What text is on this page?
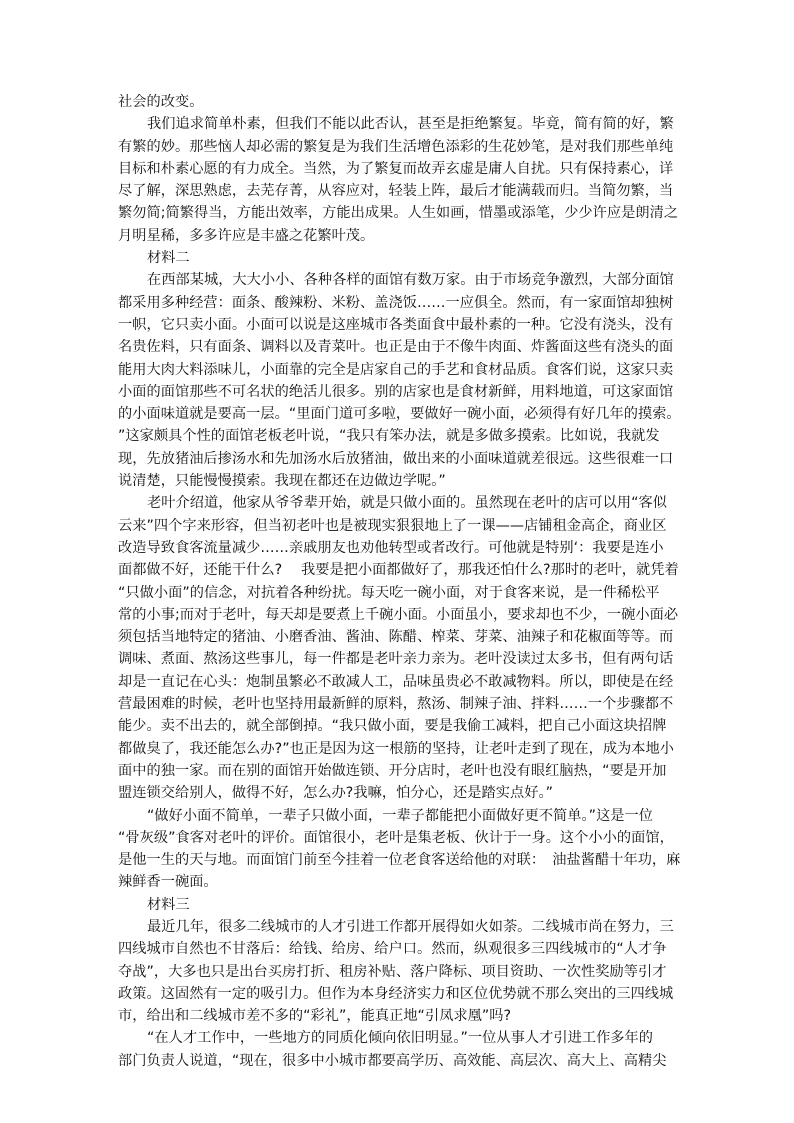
社会的改变。

我们追求简单朴素，但我们不能以此否认，甚至是拒绝繁复。毕竟，简有简的好，繁

有繁的妙。那些恼人却必需的繁复是为我们生活增色添彩的生花妙笔，是对我们那些单纯

目标和朴素心愿的有力成全。当然，为了繁复而故弄玄虚是庸人自扰。只有保持素心，详

尽了解，深思熟虑，去芜存菁，从容应对，轻装上阵，最后才能满载而归。当简勿繁，当

繁勿简;简繁得当，方能出效率，方能出成果。人生如画，惜墨或添笔，少少许应是朗清之

月明星稀，多多许应是丰盛之花繁叶茂。

材料二

在西部某城，大大小小、各种各样的面馆有数万家。由于市场竞争激烈，大部分面馆

都采用多种经营：面条、酸辣粉、米粉、盖浇饭……一应俱全。然而，有一家面馆却独树

一帜，它只卖小面。小面可以说是这座城市各类面食中最朴素的一种。它没有浇头，没有

名贵佐料，只有面条、调料以及青菜叶。也正是由于不像牛肉面、炸酱面这些有浇头的面

能用大肉大料添味儿，小面靠的完全是店家自己的手艺和食材品质。食客们说，这家只卖

小面的面馆那些不可名状的绝活儿很多。别的店家也是食材新鲜，用料地道，可这家面馆

的小面味道就是要高一层。“里面门道可多啦，要做好一碗小面，必须得有好几年的摸索。

”这家颇具个性的面馆老板老叶说，“我只有笨办法，就是多做多摸索。比如说，我就发

现，先放猪油后掺汤水和先加汤水后放猪油，做出来的小面味道就差很远。这些很难一口

说清楚，只能慢慢摸索。我现在都还在边做边学呢。”

老叶介绍道，他家从爷爷辈开始，就是只做小面的。虽然现在老叶的店可以用“客似

云来”四个字来形容，但当初老叶也是被现实狠狠地上了一课——店铺租金高企，商业区

改造导致食客流量减少……亲戚朋友也劝他转型或者改行。可他就是特别‘：我要是连小

面都做不好，还能干什么?　 我要是把小面都做好了，那我还怕什么?那时的老叶，就凭着

“只做小面”的信念，对抗着各种纷扰。每天吃一碗小面，对于食客来说，是一件稀松平

常的小事;而对于老叶，每天却是要煮上千碗小面。小面虽小，要求却也不少，一碗小面必

须包括当地特定的猪油、小磨香油、酱油、陈醋、榨菜、芽菜、油辣子和花椒面等等。而

调味、煮面、熬汤这些事儿，每一件都是老叶亲力亲为。老叶没读过太多书，但有两句话

却是一直记在心头：炮制虽繁必不敢减人工，品味虽贵必不敢减物料。所以，即使是在经

营最困难的时候，老叶也坚持用最新鲜的原料，熬汤、制辣子油、拌料……一个步骤都不

能少。卖不出去的，就全部倒掉。“我只做小面，要是我偷工减料，把自己小面这块招牌

都做臭了，我还能怎么办?”也正是因为这一根筋的坚持，让老叶走到了现在，成为本地小

面中的独一家。而在别的面馆开始做连锁、开分店时，老叶也没有眼红脑热，“要是开加

盟连锁交给别人，做得不好，怎么办?我嘛，怕分心，还是踏实点好。”

“做好小面不简单，一辈子只做小面，一辈子都能把小面做好更不简单。”这是一位

“骨灰级”食客对老叶的评价。面馆很小，老叶是集老板、伙计于一身。这个小小的面馆，

是他一生的天与地。而面馆门前至今挂着一位老食客送给他的对联：　油盐酱醋十年功，麻

辣鲜香一碗面。

材料三

最近几年，很多二线城市的人才引进工作都开展得如火如荼。二线城市尚在努力，三

四线城市自然也不甘落后：给钱、给房、给户口。然而，纵观很多三四线城市的“人才争

夺战”，大多也只是出台买房打折、租房补贴、落户降标、项目资助、一次性奖励等引才

政策。这固然有一定的吸引力。但作为本身经济实力和区位优势就不那么突出的三四线城

市，给出和二线城市差不多的“彩礼”，能真正地“引凤求凰”吗?

“在人才工作中，一些地方的同质化倾向依旧明显。”一位从事人才引进工作多年的

部门负责人说道，“现在，很多中小城市都要高学历、高效能、高层次、高大上、高精尖
